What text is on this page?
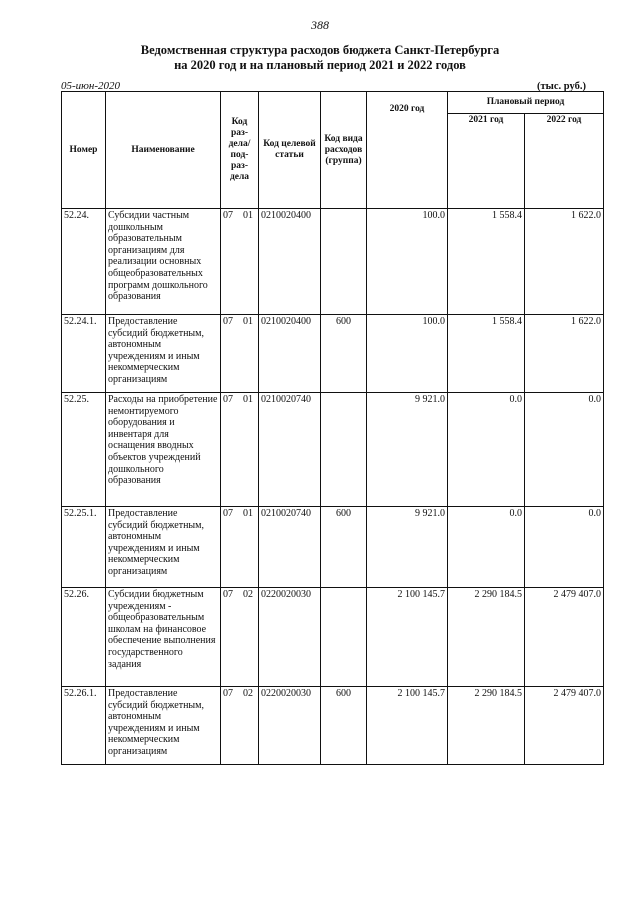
388
Ведомственная структура расходов бюджета Санкт-Петербурга
на 2020 год и на плановый период 2021 и 2022 годов
05-июн-2020	(тыс. руб.)
Номер	Наименование	Код раз- дела/ под- раз- дела	Код целевой статьи	Код вида расходов (группа)	2020 год	Плановый период	
						2021 год	2022 год
52.24.	Субсидии частным дошкольным образовательным организациям для реализации основных общеобразовательных программ дошкольного образования	07 01	0210020400		100.0	1 558.4	1 622.0
52.24.1.	Предоставление субсидий бюджетным, автономным учреждениям и иным некоммерческим организациям	07 01	0210020400	600	100.0	1 558.4	1 622.0
52.25.	Расходы на приобретение немонтируемого оборудования и инвентаря для оснащения вводных объектов учреждений дошкольного образования	07 01	0210020740		9 921.0	0.0	0.0
52.25.1.	Предоставление субсидий бюджетным, автономным учреждениям и иным некоммерческим организациям	07 01	0210020740	600	9 921.0	0.0	0.0
52.26.	Субсидии бюджетным учреждениям - общеобразовательным школам на финансовое обеспечение выполнения государственного задания	07 02	0220020030		2 100 145.7	2 290 184.5	2 479 407.0
52.26.1.	Предоставление субсидий бюджетным, автономным учреждениям и иным некоммерческим организациям	07 02	0220020030	600	2 100 145.7	2 290 184.5	2 479 407.0
